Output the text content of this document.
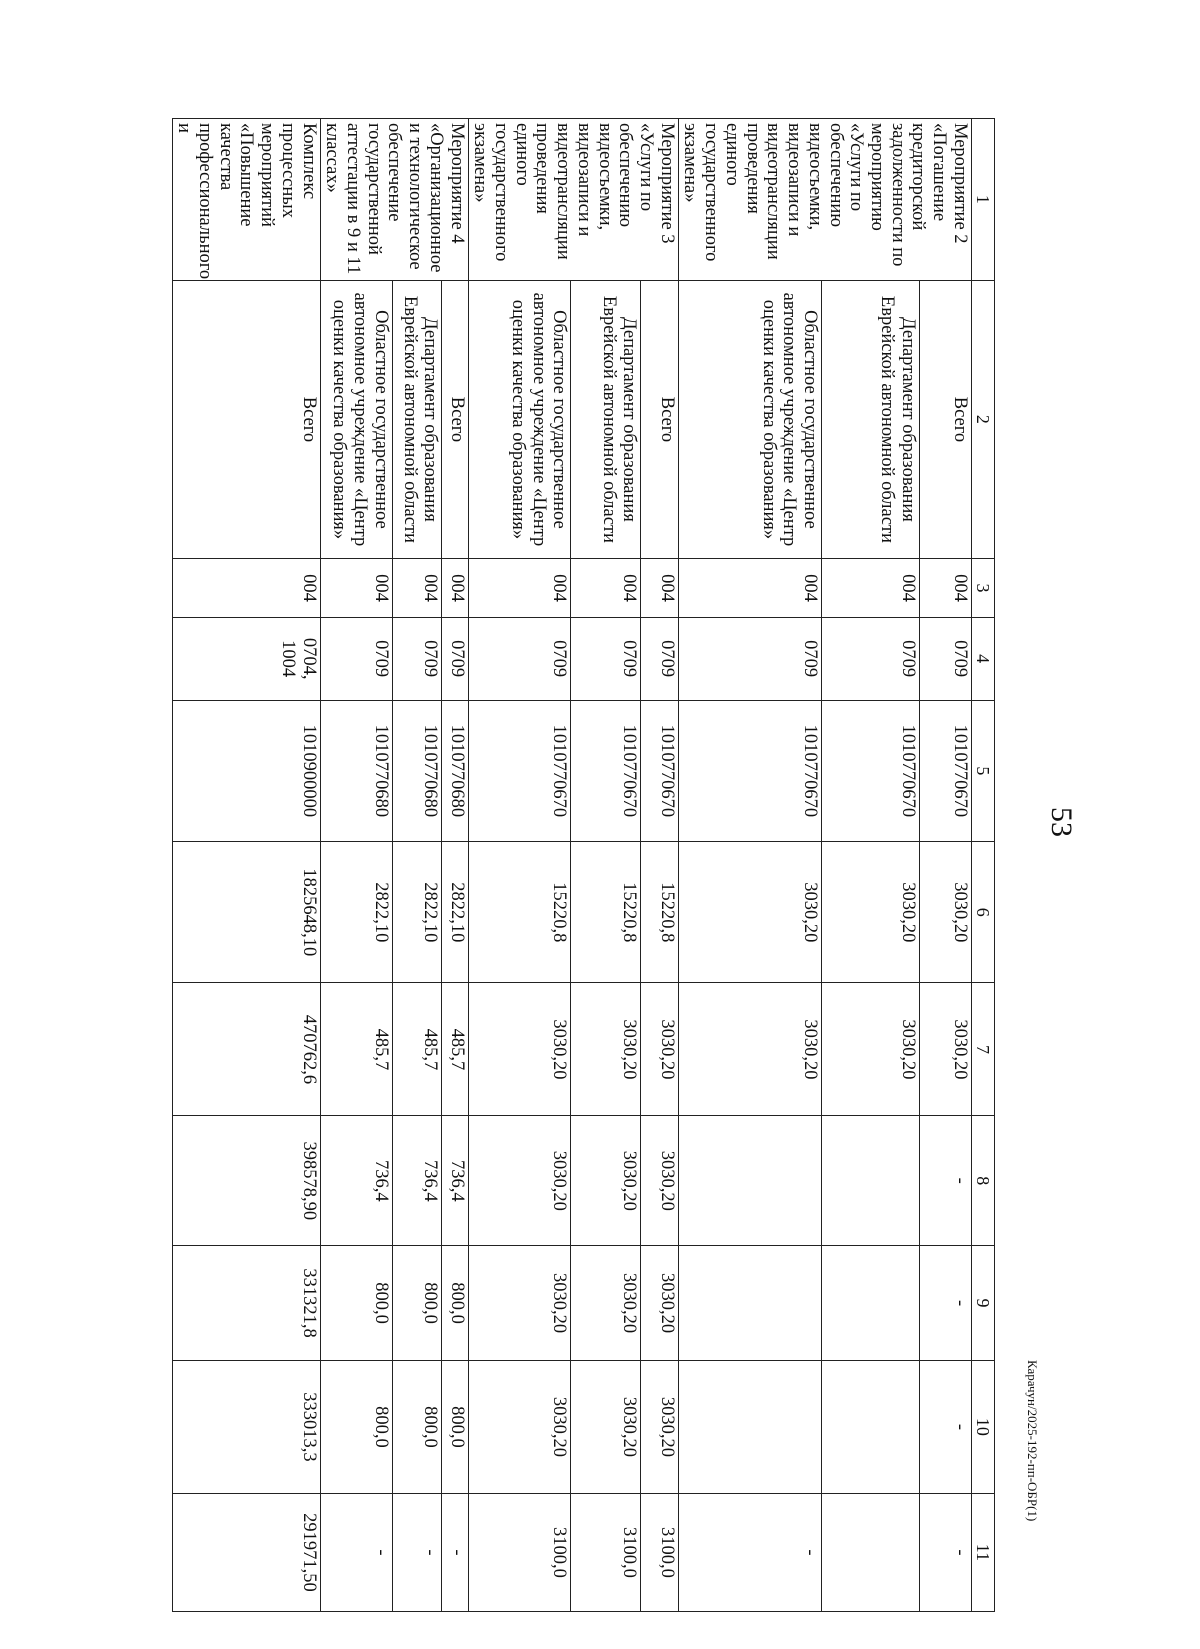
53
Карачун/2025-192-пп-ОБР(1)
1	2	3	4	5	6	7	8	9	10	11
Мероприятие 2 «Погашение кредиторской задолженности по мероприятию «Услуги по обеспечению видеосъемки, видеозаписи и видеотрансляции проведения единого государственного экзамена»	Всего	004	0709	1010770670	3030,20	3030,20	-	-	-	-
	Департамент образования Еврейской автономной области	004	0709	1010770670	3030,20	3030,20				
	Областное государственное автономное учреждение «Центр оценки качества образования»	004	0709	1010770670	3030,20	3030,20				-
Мероприятие 3 «Услуги по обеспечению видеосъемки, видеозаписи и видеотрансляции проведения единого государственного экзамена»	Всего	004	0709	1010770670	15220,8	3030,20	3030,20	3030,20	3030,20	3100,0
	Департамент образования Еврейской автономной области	004	0709	1010770670	15220,8	3030,20	3030,20	3030,20	3030,20	3100,0
	Областное государственное автономное учреждение «Центр оценки качества образования»	004	0709	1010770670	15220,8	3030,20	3030,20	3030,20	3030,20	3100,0
Мероприятие 4 «Организационное и технологическое обеспечение государственной аттестации в 9 и 11 классах»	Всего	004	0709	1010770680	2822,10	485,7	736,4	800,0	800,0	-
	Департамент образования Еврейской автономной области	004	0709	1010770680	2822,10	485,7	736,4	800,0	800,0	-
	Областное государственное автономное учреждение «Центр оценки качества образования»	004	0709	1010770680	2822,10	485,7	736,4	800,0	800,0	-
Комплекс процессных мероприятий «Повышение качества профессионального и	Всего	004	0704, 1004	1010900000	1825648,10	470762,6	398578,90	331321,8	333013,3	291971,50
